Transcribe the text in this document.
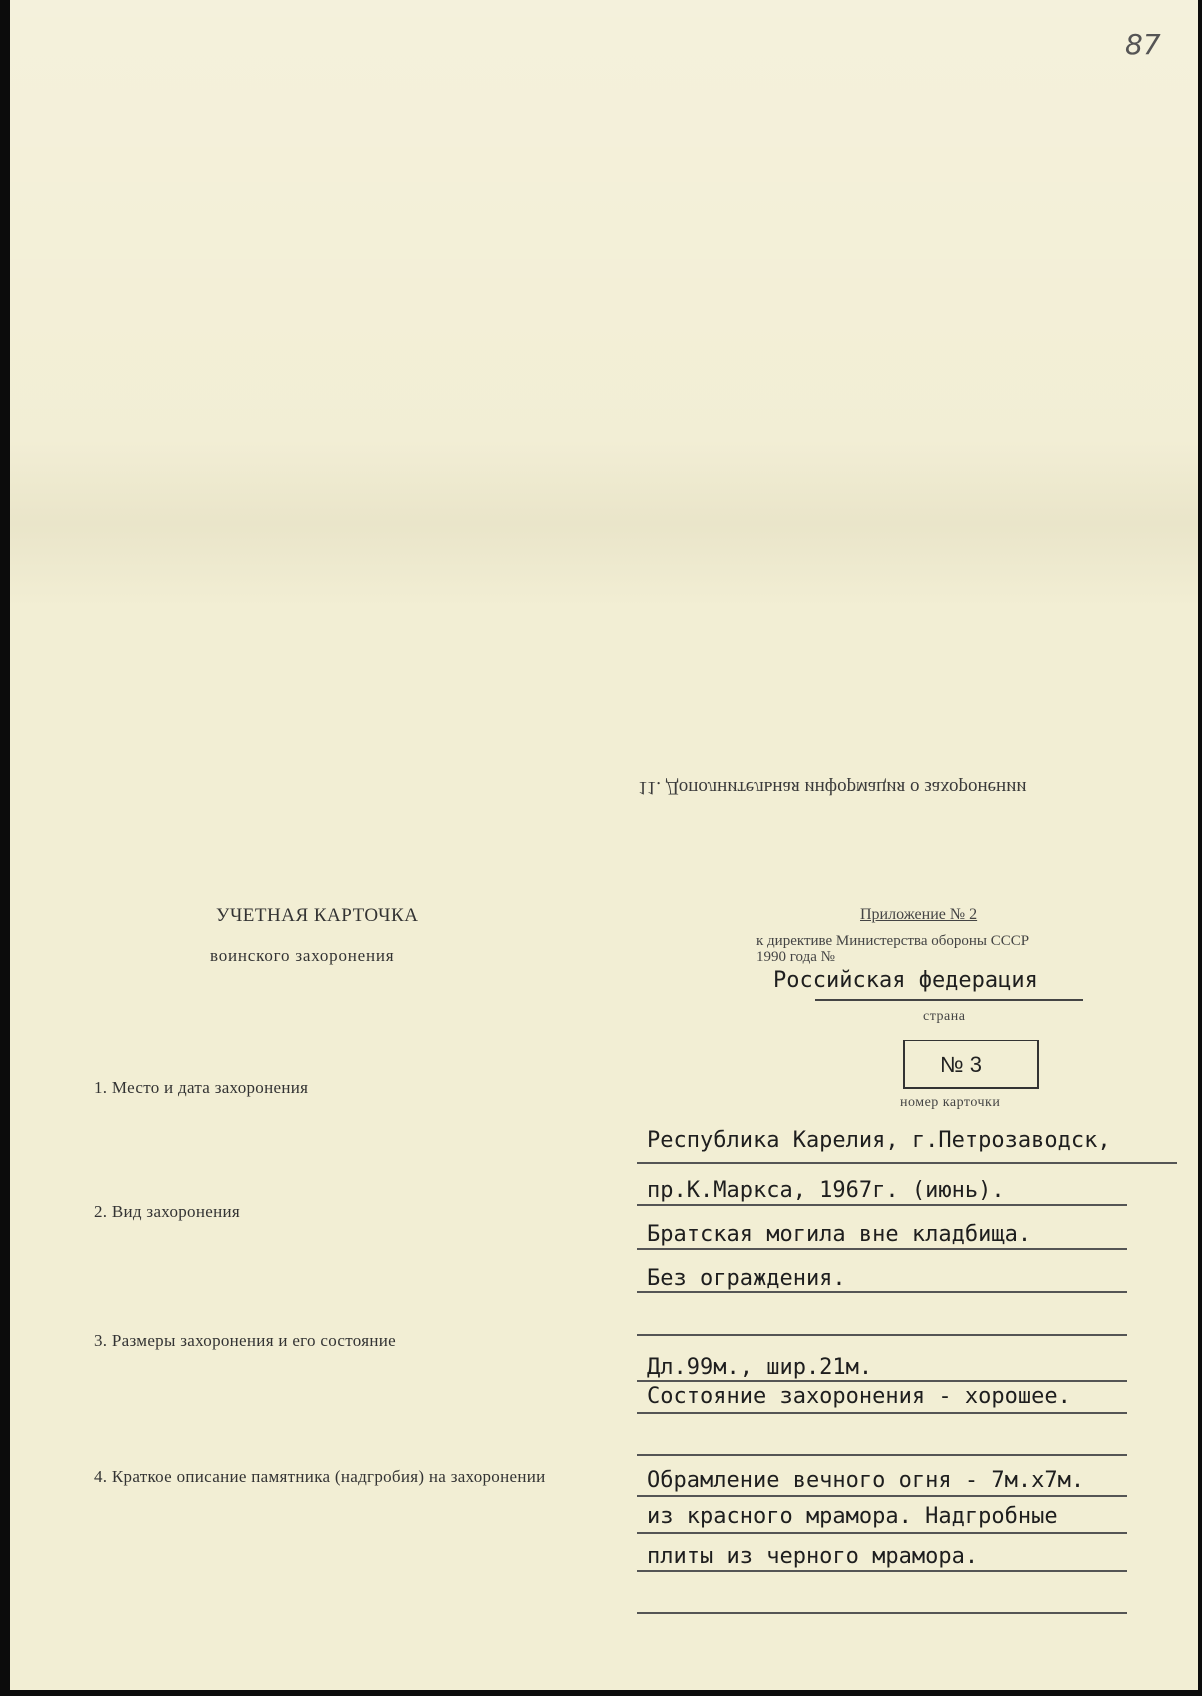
87
11. Дополнительная информация о захоронении
УЧЕТНАЯ КАРТОЧКА
воинского захоронения
Приложение № 2
к директиве Министерства обороны СССР
1990 года №
Российская федерация
страна
№ 3
номер карточки
1. Место и дата захоронения
Республика Карелия, г.Петрозаводск,
пр.К.Маркса, 1967г. (июнь).
2. Вид захоронения
Братская могила вне кладбища.
Без ограждения.
3. Размеры захоронения и его состояние
Дл.99м., шир.21м.
Состояние захоронения - хорошее.
4. Краткое описание памятника (надгробия) на захоронении	Обрамление вечного огня - 7м.х7м.
из красного мрамора. Надгробные
плиты из черного мрамора.
